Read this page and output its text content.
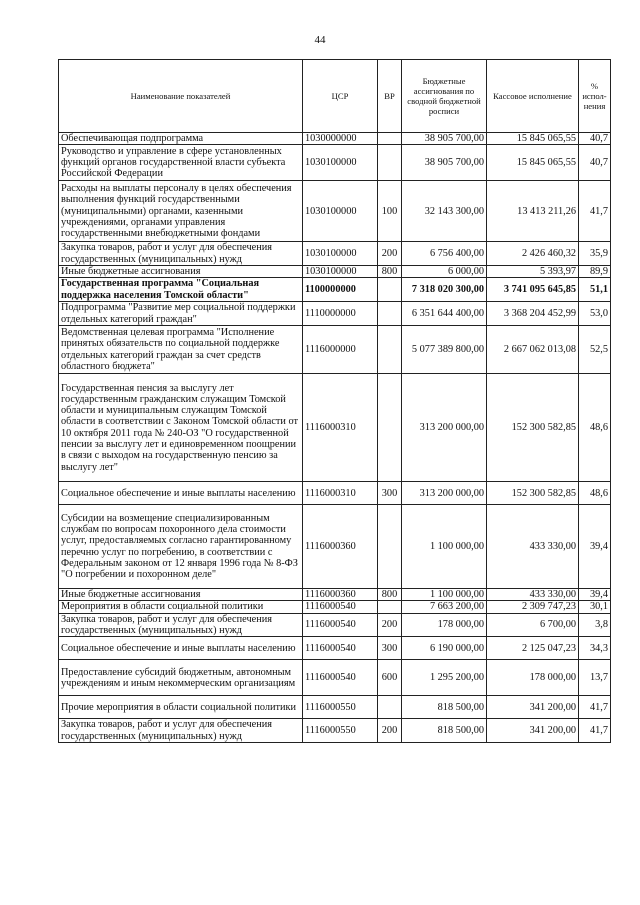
44
Наименование показателей	ЦСР	ВР	Бюджетные ассигнования по сводной бюджетной росписи	Кассовое исполнение	% испол-нения
Обеспечивающая подпрограмма	1030000000		38 905 700,00	15 845 065,55	40,7
Руководство и управление в сфере установленных функций органов государственной власти субъекта Российской Федерации	1030100000		38 905 700,00	15 845 065,55	40,7
Расходы на выплаты персоналу в целях обеспечения выполнения функций государственными (муниципальными) органами, казенными учреждениями, органами управления государственными внебюджетными фондами	1030100000	100	32 143 300,00	13 413 211,26	41,7
Закупка товаров, работ и услуг для обеспечения государственных (муниципальных) нужд	1030100000	200	6 756 400,00	2 426 460,32	35,9
Иные бюджетные ассигнования	1030100000	800	6 000,00	5 393,97	89,9
Государственная программа "Социальная поддержка населения Томской области"	1100000000		7 318 020 300,00	3 741 095 645,85	51,1
Подпрограмма "Развитие мер социальной поддержки отдельных категорий граждан"	1110000000		6 351 644 400,00	3 368 204 452,99	53,0
Ведомственная целевая программа "Исполнение принятых обязательств по социальной поддержке отдельных категорий граждан за счет средств областного бюджета"	1116000000		5 077 389 800,00	2 667 062 013,08	52,5
Государственная пенсия за выслугу лет государственным гражданским служащим Томской области и муниципальным служащим Томской области в соответствии с Законом Томской области от 10 октября 2011 года № 240-ОЗ "О государственной пенсии за выслугу лет и единовременном поощрении в связи с выходом на государственную пенсию за выслугу лет"	1116000310		313 200 000,00	152 300 582,85	48,6
Социальное обеспечение и иные выплаты населению	1116000310	300	313 200 000,00	152 300 582,85	48,6
Субсидии на возмещение специализированным службам по вопросам похоронного дела стоимости услуг, предоставляемых согласно гарантированному перечню услуг по погребению, в соответствии с Федеральным законом от 12 января 1996 года № 8-ФЗ "О погребении и похоронном деле"	1116000360		1 100 000,00	433 330,00	39,4
Иные бюджетные ассигнования	1116000360	800	1 100 000,00	433 330,00	39,4
Мероприятия в области социальной политики	1116000540		7 663 200,00	2 309 747,23	30,1
Закупка товаров, работ и услуг для обеспечения государственных (муниципальных) нужд	1116000540	200	178 000,00	6 700,00	3,8
Социальное обеспечение и иные выплаты населению	1116000540	300	6 190 000,00	2 125 047,23	34,3
Предоставление субсидий бюджетным, автономным учреждениям и иным некоммерческим организациям	1116000540	600	1 295 200,00	178 000,00	13,7
Прочие мероприятия в области социальной политики	1116000550		818 500,00	341 200,00	41,7
Закупка товаров, работ и услуг для обеспечения государственных (муниципальных) нужд	1116000550	200	818 500,00	341 200,00	41,7
